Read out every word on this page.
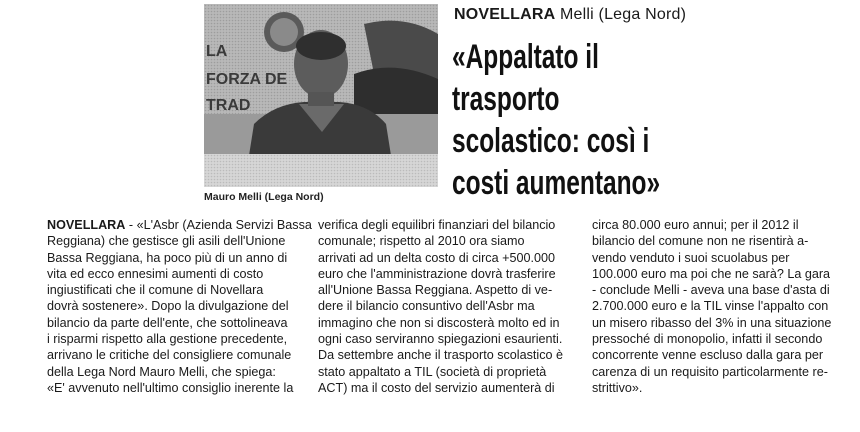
LA
FORZA DE
TRAD
Mauro Melli (Lega Nord)
NOVELLARA Melli (Lega Nord)
«Appaltato il
trasporto
scolastico: così i
costi aumentano»
NOVELLARA - «L'Asbr (Azienda Servizi Bassa
Reggiana) che gestisce gli asili dell'Unione
Bassa Reggiana, ha poco più di un anno di
vita ed ecco ennesimi aumenti di costo
ingiustificati che il comune di Novellara
dovrà sostenere». Dopo la divulgazione del
bilancio da parte dell'ente, che sottolineava
i risparmi rispetto alla gestione precedente,
arrivano le critiche del consigliere comunale
della Lega Nord Mauro Melli, che spiega:
«E' avvenuto nell'ultimo consiglio inerente la
verifica degli equilibri finanziari del bilancio
comunale; rispetto al 2010 ora siamo
arrivati ad un delta costo di circa +500.000
euro che l'amministrazione dovrà trasferire
all'Unione Bassa Reggiana. Aspetto di ve-
dere il bilancio consuntivo dell'Asbr ma
immagino che non si discosterà molto ed in
ogni caso serviranno spiegazioni esaurienti.
Da settembre anche il trasporto scolastico è
stato appaltato a TIL (società di proprietà
ACT) ma il costo del servizio aumenterà di
circa 80.000 euro annui; per il 2012 il
bilancio del comune non ne risentirà a-
vendo venduto i suoi scuolabus per
100.000 euro ma poi che ne sarà? La gara
- conclude Melli - aveva una base d'asta di
2.700.000 euro e la TIL vinse l'appalto con
un misero ribasso del 3% in una situazione
pressoché di monopolio, infatti il secondo
concorrente venne escluso dalla gara per
carenza di un requisito particolarmente re-
strittivo».
